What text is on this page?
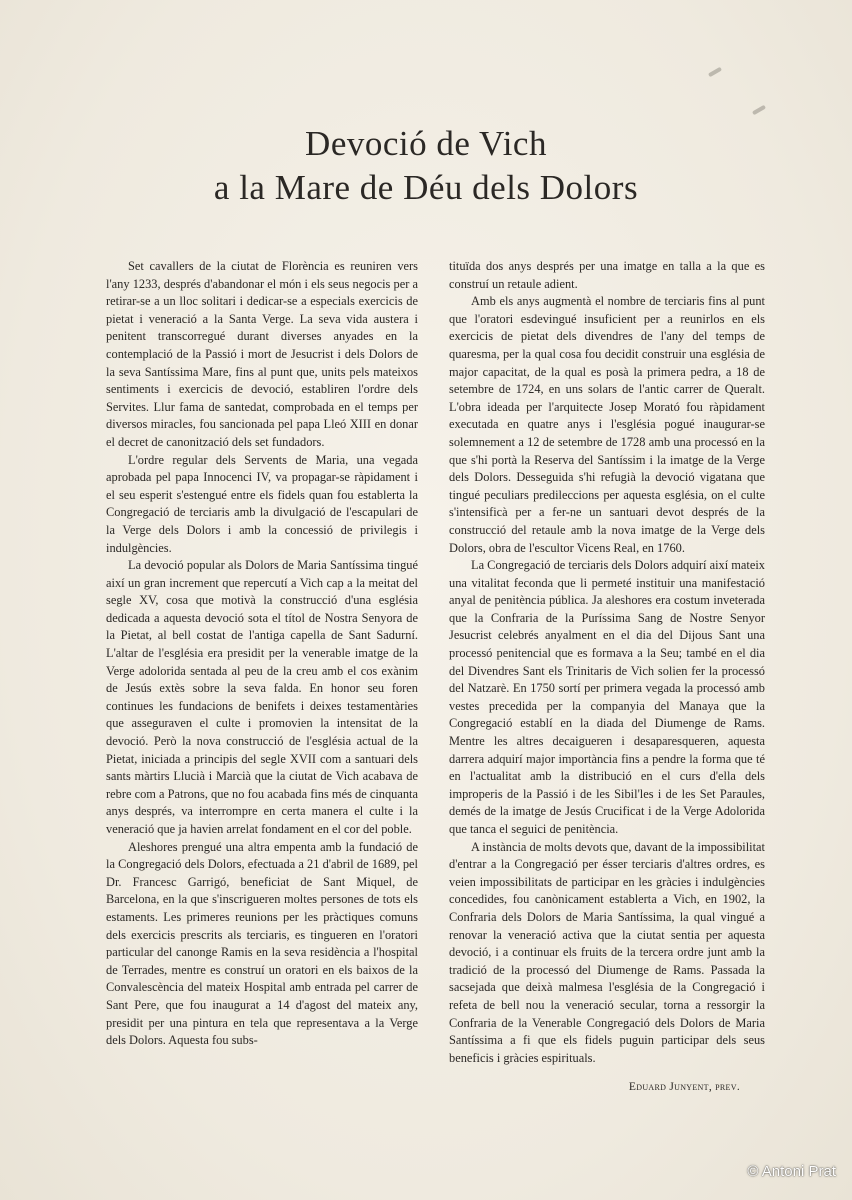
Devoció de Vich
a la Mare de Déu dels Dolors

Set cavallers de la ciutat de Florència es reuniren vers l'any 1233, després d'abandonar el món i els seus negocis per a retirar-se a un lloc solitari i dedicar-se a especials exercicis de pietat i veneració a la Santa Verge. La seva vida austera i penitent transcorregué durant diverses anyades en la contemplació de la Passió i mort de Jesucrist i dels Dolors de la seva Santíssima Mare, fins al punt que, units pels mateixos sentiments i exercicis de devoció, establiren l'ordre dels Servites. Llur fama de santedat, comprobada en el temps per diversos miracles, fou sancionada pel papa Lleó XIII en donar el decret de canonització dels set fundadors.

L'ordre regular dels Servents de Maria, una vegada aprobada pel papa Innocenci IV, va propagar-se ràpidament i el seu esperit s'estengué entre els fidels quan fou establerta la Congregació de terciaris amb la divulgació de l'escapulari de la Verge dels Dolors i amb la concessió de privilegis i indulgències.

La devoció popular als Dolors de Maria Santíssima tingué així un gran increment que repercutí a Vich cap a la meitat del segle XV, cosa que motivà la construcció d'una església dedicada a aquesta devoció sota el títol de Nostra Senyora de la Pietat, al bell costat de l'antiga capella de Sant Sadurní. L'altar de l'església era presidit per la venerable imatge de la Verge adolorida sentada al peu de la creu amb el cos exànim de Jesús extès sobre la seva falda. En honor seu foren continues les fundacions de benifets i deixes testamentàries que asseguraven el culte i promovien la intensitat de la devoció. Però la nova construcció de l'església actual de la Pietat, iniciada a principis del segle XVII com a santuari dels sants màrtirs Llucià i Marcià que la ciutat de Vich acabava de rebre com a Patrons, que no fou acabada fins més de cinquanta anys després, va interrompre en certa manera el culte i la veneració que ja havien arrelat fondament en el cor del poble.

Aleshores prengué una altra empenta amb la fundació de la Congregació dels Dolors, efectuada a 21 d'abril de 1689, pel Dr. Francesc Garrigó, beneficiat de Sant Miquel, de Barcelona, en la que s'inscrigueren moltes persones de tots els estaments. Les primeres reunions per les pràctiques comuns dels exercicis prescrits als terciaris, es tingueren en l'oratori particular del canonge Ramis en la seva residència a l'hospital de Terrades, mentre es construí un oratori en els baixos de la Convalescència del mateix Hospital amb entrada pel carrer de Sant Pere, que fou inaugurat a 14 d'agost del mateix any, presidit per una pintura en tela que representava a la Verge dels Dolors. Aquesta fou subs-

tituïda dos anys després per una imatge en talla a la que es construí un retaule adient.

Amb els anys augmentà el nombre de terciaris fins al punt que l'oratori esdevingué insuficient per a reunirlos en els exercicis de pietat dels divendres de l'any del temps de quaresma, per la qual cosa fou decidit construir una església de major capacitat, de la qual es posà la primera pedra, a 18 de setembre de 1724, en uns solars de l'antic carrer de Queralt. L'obra ideada per l'arquitecte Josep Morató fou ràpidament executada en quatre anys i l'església pogué inaugurar-se solemnement a 12 de setembre de 1728 amb una processó en la que s'hi portà la Reserva del Santíssim i la imatge de la Verge dels Dolors. Desseguida s'hi refugià la devoció vigatana que tingué peculiars predileccions per aquesta església, on el culte s'intensificà per a fer-ne un santuari devot després de la construcció del retaule amb la nova imatge de la Verge dels Dolors, obra de l'escultor Vicens Real, en 1760.

La Congregació de terciaris dels Dolors adquirí així mateix una vitalitat feconda que li permeté instituir una manifestació anyal de penitència pública. Ja aleshores era costum inveterada que la Confraria de la Puríssima Sang de Nostre Senyor Jesucrist celebrés anyalment en el dia del Dijous Sant una processó penitencial que es formava a la Seu; també en el dia del Divendres Sant els Trinitaris de Vich solien fer la processó del Natzarè. En 1750 sortí per primera vegada la processó amb vestes precedida per la companyia del Manaya que la Congregació establí en la diada del Diumenge de Rams. Mentre les altres decaigueren i desaparesqueren, aquesta darrera adquirí major importància fins a pendre la forma que té en l'actualitat amb la distribució en el curs d'ella dels improperis de la Passió i de les Sibil'les i de les Set Paraules, demés de la imatge de Jesús Crucificat i de la Verge Adolorida que tanca el seguici de penitència.

A instància de molts devots que, davant de la impossibilitat d'entrar a la Congregació per ésser terciaris d'altres ordres, es veien impossibilitats de participar en les gràcies i indulgències concedides, fou canònicament establerta a Vich, en 1902, la Confraria dels Dolors de Maria Santíssima, la qual vingué a renovar la veneració activa que la ciutat sentia per aquesta devoció, i a continuar els fruits de la tercera ordre junt amb la tradició de la processó del Diumenge de Rams. Passada la sacsejada que deixà malmesa l'església de la Congregació i refeta de bell nou la veneració secular, torna a ressorgir la Confraria de la Venerable Congregació dels Dolors de Maria Santíssima a fi que els fidels puguin participar dels seus beneficis i gràcies espirituals.

Eduard Junyent, prev.
© Antoni Prat
